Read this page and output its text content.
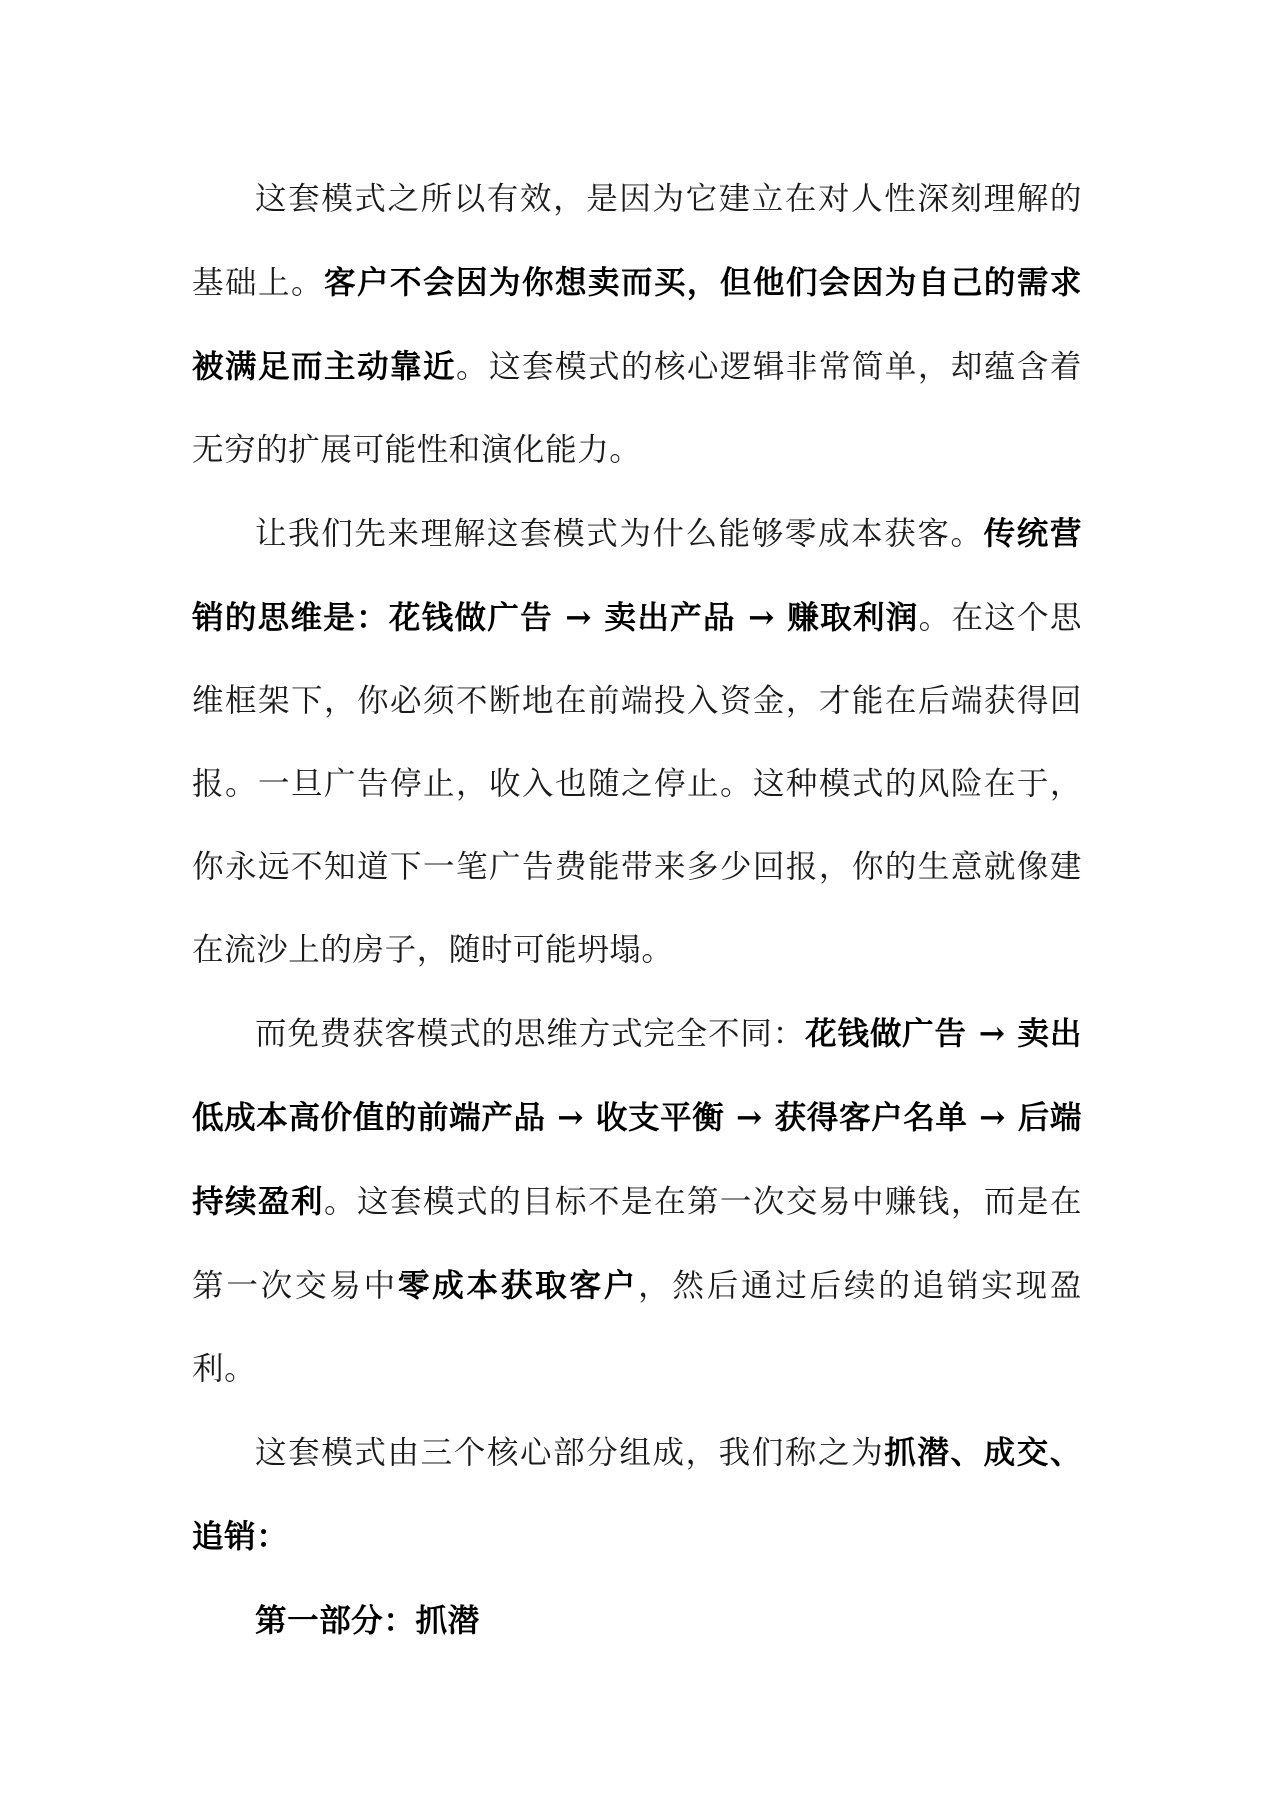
这套模式之所以有效，是因为它建立在对人性深刻理解的基础上。客户不会因为你想卖而买，但他们会因为自己的需求被满足而主动靠近。这套模式的核心逻辑非常简单，却蕴含着无穷的扩展可能性和演化能力。

让我们先来理解这套模式为什么能够零成本获客。传统营销的思维是：花钱做广告 → 卖出产品 → 赚取利润。在这个思维框架下，你必须不断地在前端投入资金，才能在后端获得回报。一旦广告停止，收入也随之停止。这种模式的风险在于，你永远不知道下一笔广告费能带来多少回报，你的生意就像建在流沙上的房子，随时可能坍塌。

而免费获客模式的思维方式完全不同：花钱做广告 → 卖出低成本高价值的前端产品 → 收支平衡 → 获得客户名单 → 后端持续盈利。这套模式的目标不是在第一次交易中赚钱，而是在第一次交易中零成本获取客户，然后通过后续的追销实现盈利。

这套模式由三个核心部分组成，我们称之为抓潜、成交、追销：

第一部分：抓潜
